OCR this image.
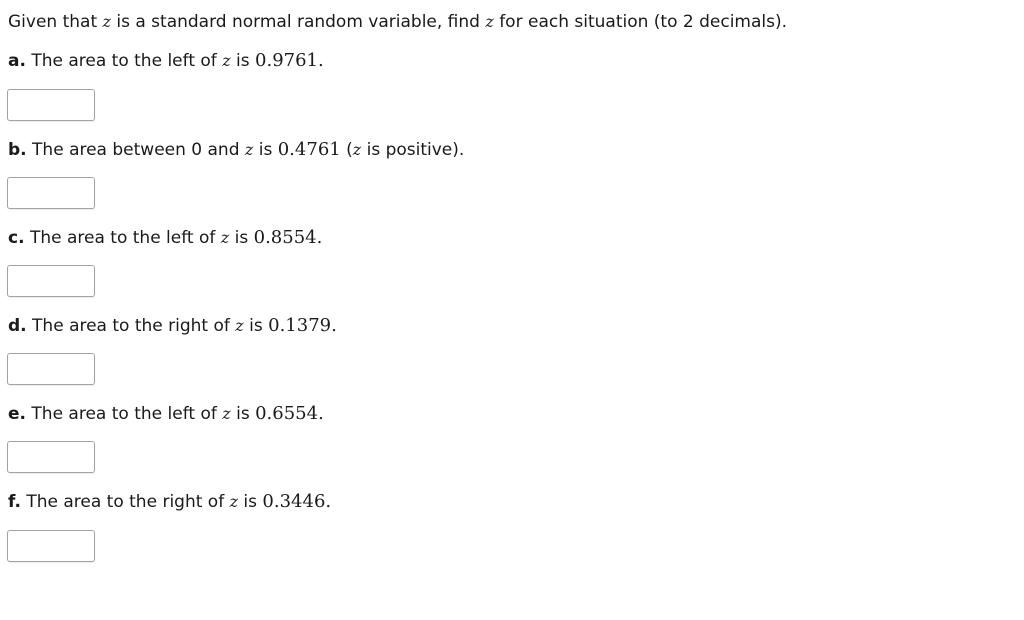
Given that z is a standard normal random variable, find z for each situation (to 2 decimals).
a. The area to the left of z is 0.9761.
b. The area between 0 and z is 0.4761 (z is positive).
c. The area to the left of z is 0.8554.
d. The area to the right of z is 0.1379.
e. The area to the left of z is 0.6554.
f. The area to the right of z is 0.3446.
